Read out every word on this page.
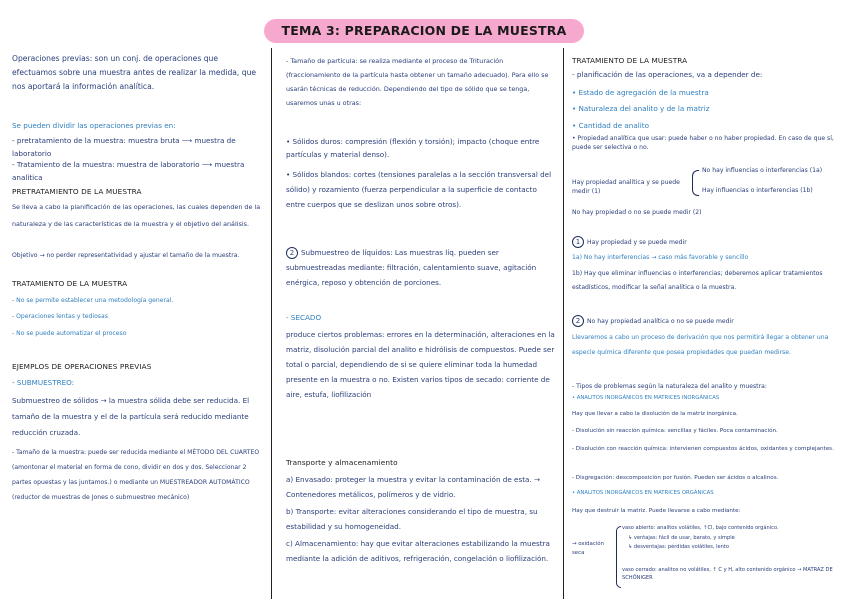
TEMA 3: PREPARACION DE LA MUESTRA
Operaciones previas: son un conj. de operaciones que efectuamos sobre una muestra antes de realizar la medida, que nos aportará la información analítica.
Se pueden dividir las operaciones previas en:
- pretratamiento de la muestra: muestra bruta ⟶ muestra de laboratorio
- Tratamiento de la muestra: muestra de laboratorio ⟶ muestra analítica
PRETRATAMIENTO DE LA MUESTRA
Se lleva a cabo la planificación de las operaciones, las cuales dependen de la naturaleza y de las características de la muestra y el objetivo del análisis.
Objetivo → no perder representatividad y ajustar el tamaño de la muestra.
TRATAMIENTO DE LA MUESTRA
- No se permite establecer una metodología general.
- Operaciones lentas y tediosas
- No se puede automatizar el proceso
EJEMPLOS DE OPERACIONES PREVIAS
- SUBMUESTREO:
Submuestreo de sólidos → la muestra sólida debe ser reducida. El tamaño de la muestra y el de la partícula será reducido mediante reducción cruzada.
- Tamaño de la muestra: puede ser reducida mediante el MÉTODO DEL CUARTEO (amontonar el material en forma de cono, dividir en dos y dos. Seleccionar 2 partes opuestas y las juntamos.) o mediante un MUESTREADOR AUTOMÁTICO (reductor de muestras de Jones o submuestreo mecánico)
- Tamaño de partícula: se realiza mediante el proceso de Trituración (fraccionamiento de la partícula hasta obtener un tamaño adecuado). Para ello se usarán técnicas de reducción. Dependiendo del tipo de sólido que se tenga, usaremos unas u otras:
• Sólidos duros: compresión (flexión y torsión); impacto (choque entre partículas y material denso).
• Sólidos blandos: cortes (tensiones paralelas a la sección transversal del sólido) y rozamiento (fuerza perpendicular a la superficie de contacto entre cuerpos que se deslizan unos sobre otros).
2 Submuestreo de líquidos: Las muestras líq. pueden ser submuestreadas mediante: filtración, calentamiento suave, agitación enérgica, reposo y obtención de porciones.
- SECADO
produce ciertos problemas: errores en la determinación, alteraciones en la matriz, disolución parcial del analito e hidrólisis de compuestos. Puede ser total o parcial, dependiendo de si se quiere eliminar toda la humedad presente en la muestra o no. Existen varios tipos de secado: corriente de aire, estufa, liofilización
Transporte y almacenamiento
a) Envasado: proteger la muestra y evitar la contaminación de esta. → Contenedores metálicos, polímeros y de vidrio.
b) Transporte: evitar alteraciones considerando el tipo de muestra, su estabilidad y su homogeneidad.
c) Almacenamiento: hay que evitar alteraciones estabilizando la muestra mediante la adición de aditivos, refrigeración, congelación o liofilización.
TRATAMIENTO DE LA MUESTRA
- planificación de las operaciones, va a depender de:
• Estado de agregación de la muestra
• Naturaleza del analito y de la matriz
• Cantidad de analito
• Propiedad analítica que usar: puede haber o no haber propiedad. En caso de que sí, puede ser selectiva o no.
Hay propiedad analítica y se puede medir (1)
No hay influencias o interferencias (1a)
Hay influencias o interferencias (1b)
No hay propiedad o no se puede medir (2)
1 Hay propiedad y se puede medir
1a) No hay interferencias → caso más favorable y sencillo
1b) Hay que eliminar influencias o interferencias; deberemos aplicar tratamientos estadísticos, modificar la señal analítica o la muestra.
2 No hay propiedad analítica o no se puede medir
Llevaremos a cabo un proceso de derivación que nos permitirá llegar a obtener una especie química diferente que posea propiedades que puedan medirse.
- Tipos de problemas según la naturaleza del analito y muestra:
• ANALITOS INORGÁNICOS EN MATRICES INORGÁNICAS
Hay que llevar a cabo la disolución de la matriz inorgánica.
- Disolución sin reacción química: sencillas y fáciles. Poca contaminación.
- Disolución con reacción química: intervienen compuestos ácidos, oxidantes y complejantes.
- Disgregación: descomposición por fusión. Pueden ser ácidos o alcalinos.
• ANALITOS INORGÁNICOS EN MATRICES ORGÁNICAS
Hay que destruir la matriz. Puede llevarse a cabo mediante:
→ oxidación seca
vaso abierto: analitos volátiles, ↑Cl, bajo contenido orgánico.
↳ ventajas: fácil de usar, barato, y simple
↳ desventajas: pérdidas volátiles, lento
vaso cerrado: analitos no volátiles, ↑ C y H, alto contenido orgánico → MATRAZ DE SCHÖNIGER
